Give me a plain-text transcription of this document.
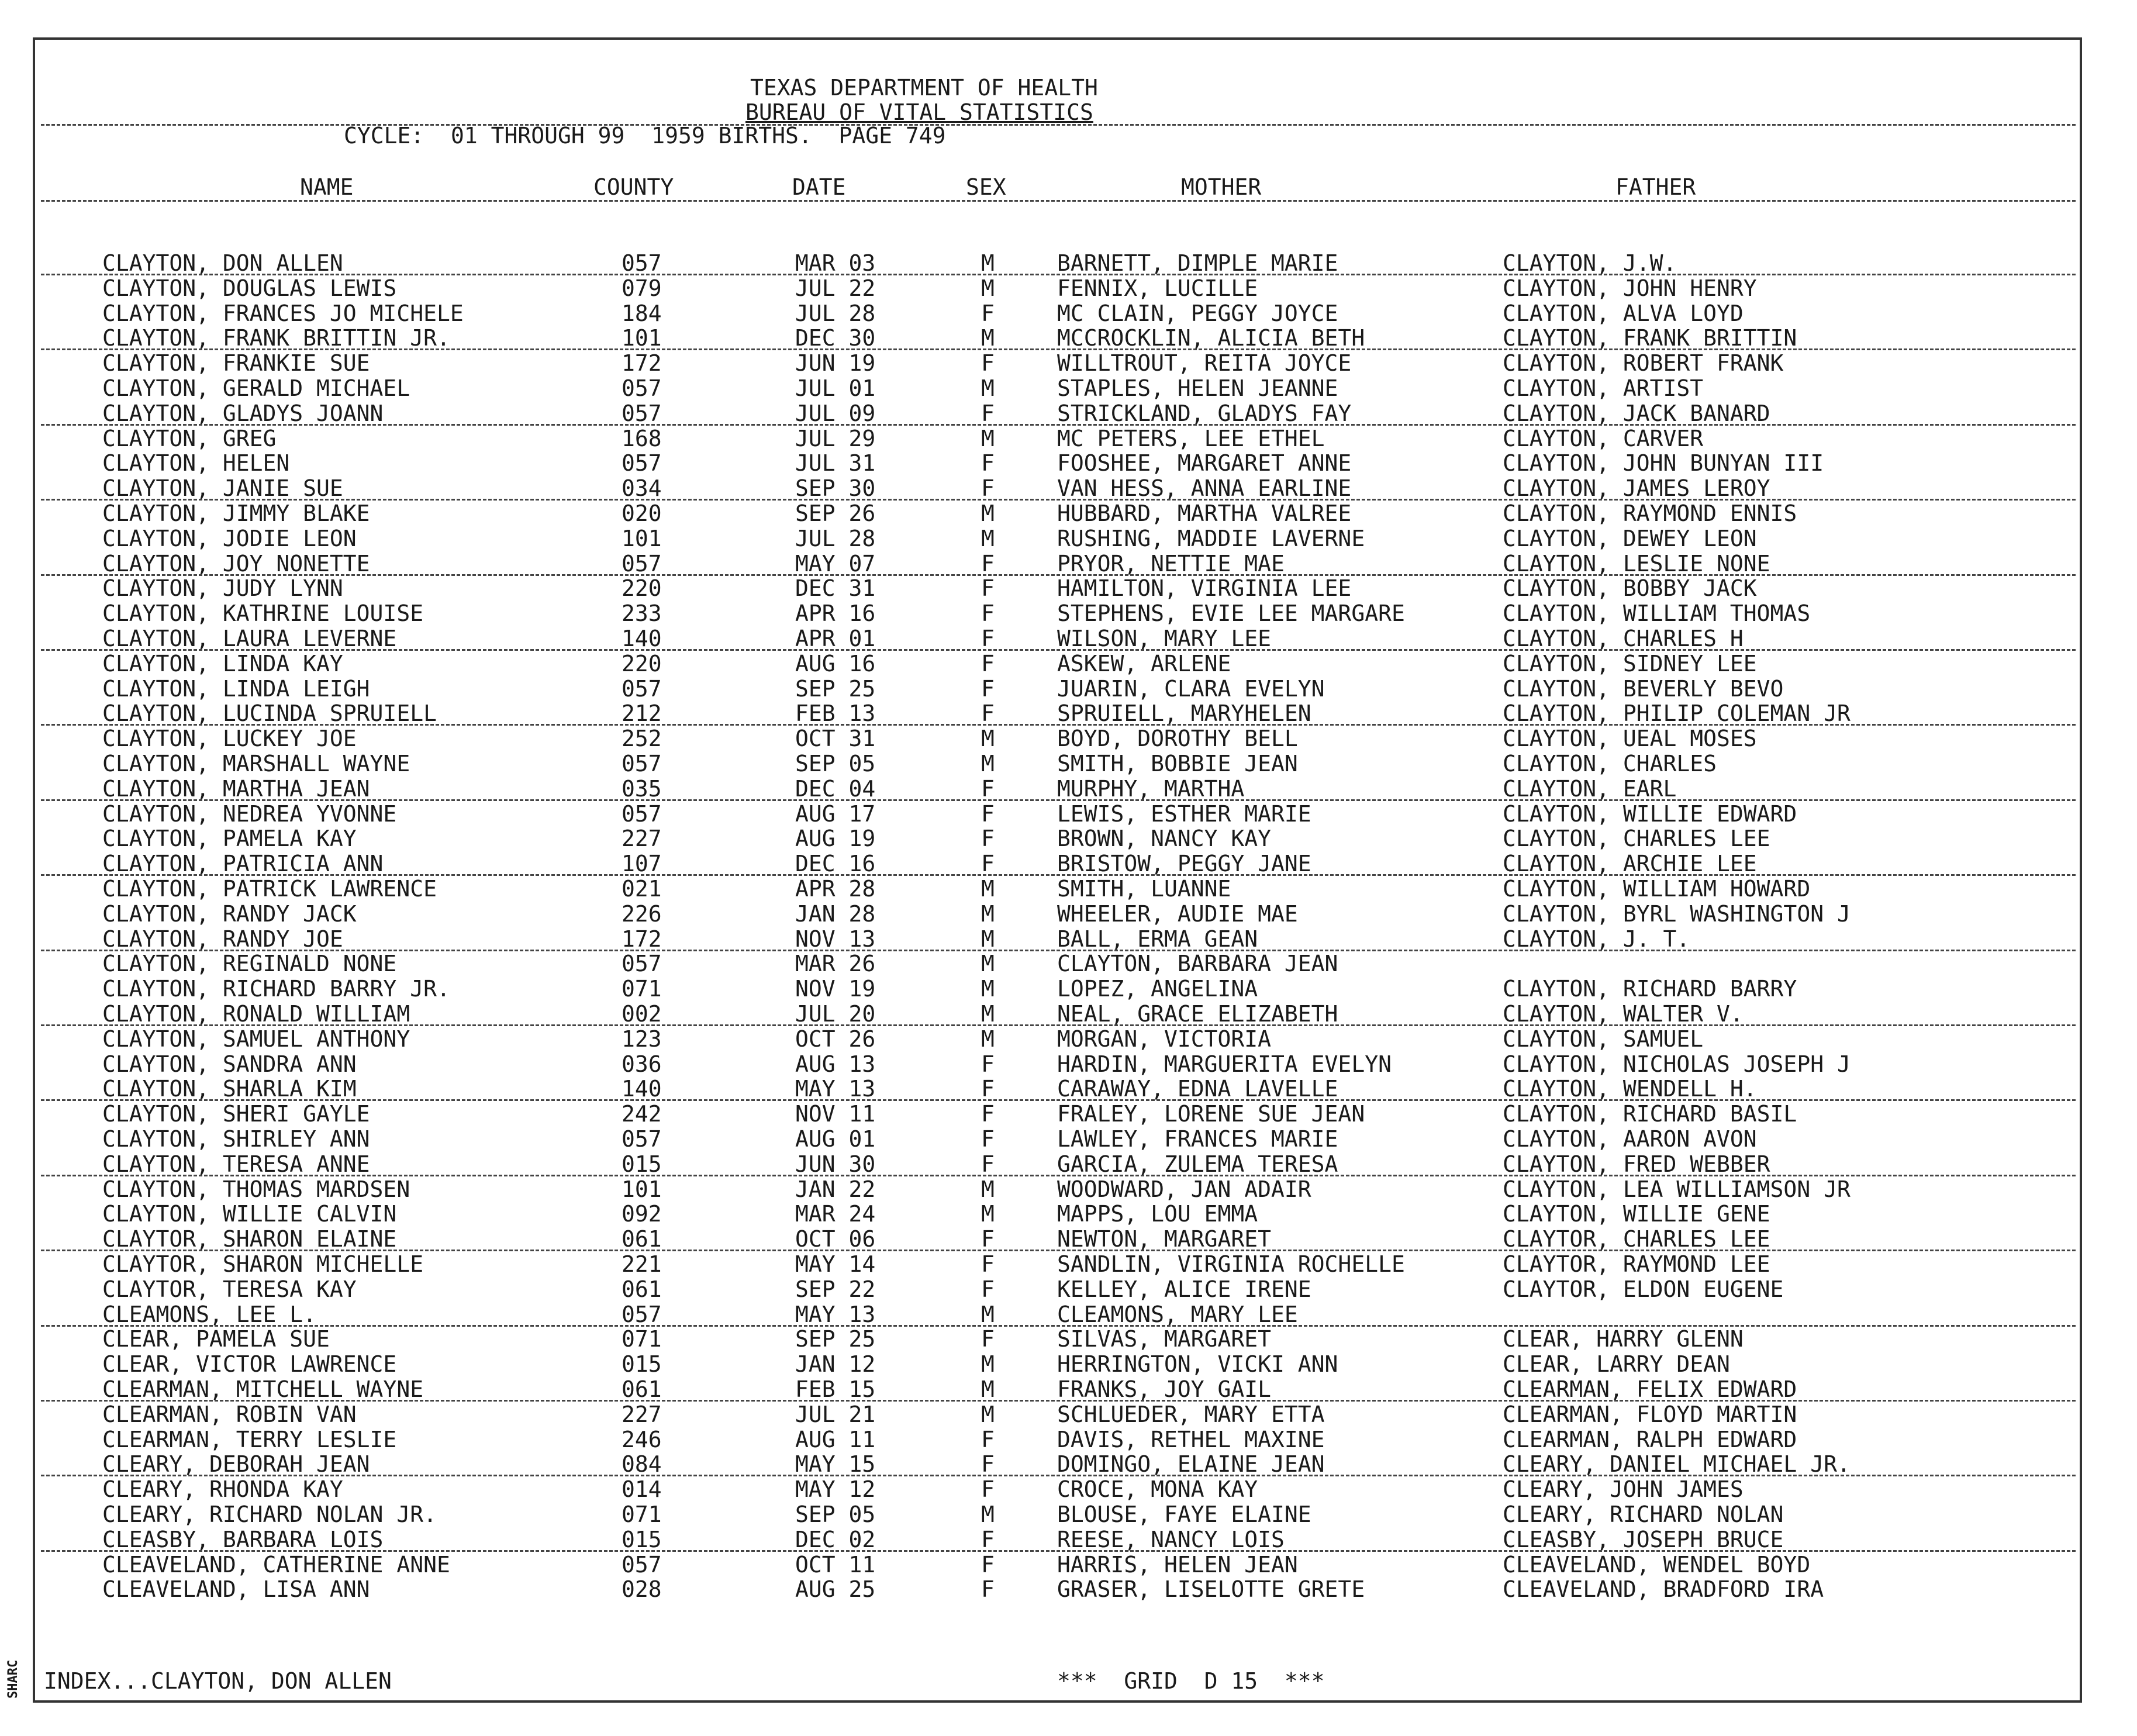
TEXAS DEPARTMENT OF HEALTH
BUREAU OF VITAL STATISTICS
CYCLE:  01 THROUGH 99  1959 BIRTHS.  PAGE 749
NAME	COUNTY	DATE	SEX	MOTHER	FATHER
CLAYTON, DON ALLEN	057	MAR 03	M	BARNETT, DIMPLE MARIE	CLAYTON, J.W.
CLAYTON, DOUGLAS LEWIS	079	JUL 22	M	FENNIX, LUCILLE	CLAYTON, JOHN HENRY
CLAYTON, FRANCES JO MICHELE	184	JUL 28	F	MC CLAIN, PEGGY JOYCE	CLAYTON, ALVA LOYD
CLAYTON, FRANK BRITTIN JR.	101	DEC 30	M	MCCROCKLIN, ALICIA BETH	CLAYTON, FRANK BRITTIN
CLAYTON, FRANKIE SUE	172	JUN 19	F	WILLTROUT, REITA JOYCE	CLAYTON, ROBERT FRANK
CLAYTON, GERALD MICHAEL	057	JUL 01	M	STAPLES, HELEN JEANNE	CLAYTON, ARTIST
CLAYTON, GLADYS JOANN	057	JUL 09	F	STRICKLAND, GLADYS FAY	CLAYTON, JACK BANARD
CLAYTON, GREG	168	JUL 29	M	MC PETERS, LEE ETHEL	CLAYTON, CARVER
CLAYTON, HELEN	057	JUL 31	F	FOOSHEE, MARGARET ANNE	CLAYTON, JOHN BUNYAN III
CLAYTON, JANIE SUE	034	SEP 30	F	VAN HESS, ANNA EARLINE	CLAYTON, JAMES LEROY
CLAYTON, JIMMY BLAKE	020	SEP 26	M	HUBBARD, MARTHA VALREE	CLAYTON, RAYMOND ENNIS
CLAYTON, JODIE LEON	101	JUL 28	M	RUSHING, MADDIE LAVERNE	CLAYTON, DEWEY LEON
CLAYTON, JOY NONETTE	057	MAY 07	F	PRYOR, NETTIE MAE	CLAYTON, LESLIE NONE
CLAYTON, JUDY LYNN	220	DEC 31	F	HAMILTON, VIRGINIA LEE	CLAYTON, BOBBY JACK
CLAYTON, KATHRINE LOUISE	233	APR 16	F	STEPHENS, EVIE LEE MARGARE	CLAYTON, WILLIAM THOMAS
CLAYTON, LAURA LEVERNE	140	APR 01	F	WILSON, MARY LEE	CLAYTON, CHARLES H
CLAYTON, LINDA KAY	220	AUG 16	F	ASKEW, ARLENE	CLAYTON, SIDNEY LEE
CLAYTON, LINDA LEIGH	057	SEP 25	F	JUARIN, CLARA EVELYN	CLAYTON, BEVERLY BEVO
CLAYTON, LUCINDA SPRUIELL	212	FEB 13	F	SPRUIELL, MARYHELEN	CLAYTON, PHILIP COLEMAN JR
CLAYTON, LUCKEY JOE	252	OCT 31	M	BOYD, DOROTHY BELL	CLAYTON, UEAL MOSES
CLAYTON, MARSHALL WAYNE	057	SEP 05	M	SMITH, BOBBIE JEAN	CLAYTON, CHARLES
CLAYTON, MARTHA JEAN	035	DEC 04	F	MURPHY, MARTHA	CLAYTON, EARL
CLAYTON, NEDREA YVONNE	057	AUG 17	F	LEWIS, ESTHER MARIE	CLAYTON, WILLIE EDWARD
CLAYTON, PAMELA KAY	227	AUG 19	F	BROWN, NANCY KAY	CLAYTON, CHARLES LEE
CLAYTON, PATRICIA ANN	107	DEC 16	F	BRISTOW, PEGGY JANE	CLAYTON, ARCHIE LEE
CLAYTON, PATRICK LAWRENCE	021	APR 28	M	SMITH, LUANNE	CLAYTON, WILLIAM HOWARD
CLAYTON, RANDY JACK	226	JAN 28	M	WHEELER, AUDIE MAE	CLAYTON, BYRL WASHINGTON J
CLAYTON, RANDY JOE	172	NOV 13	M	BALL, ERMA GEAN	CLAYTON, J. T.
CLAYTON, REGINALD NONE	057	MAR 26	M	CLAYTON, BARBARA JEAN
CLAYTON, RICHARD BARRY JR.	071	NOV 19	M	LOPEZ, ANGELINA	CLAYTON, RICHARD BARRY
CLAYTON, RONALD WILLIAM	002	JUL 20	M	NEAL, GRACE ELIZABETH	CLAYTON, WALTER V.
CLAYTON, SAMUEL ANTHONY	123	OCT 26	M	MORGAN, VICTORIA	CLAYTON, SAMUEL
CLAYTON, SANDRA ANN	036	AUG 13	F	HARDIN, MARGUERITA EVELYN	CLAYTON, NICHOLAS JOSEPH J
CLAYTON, SHARLA KIM	140	MAY 13	F	CARAWAY, EDNA LAVELLE	CLAYTON, WENDELL H.
CLAYTON, SHERI GAYLE	242	NOV 11	F	FRALEY, LORENE SUE JEAN	CLAYTON, RICHARD BASIL
CLAYTON, SHIRLEY ANN	057	AUG 01	F	LAWLEY, FRANCES MARIE	CLAYTON, AARON AVON
CLAYTON, TERESA ANNE	015	JUN 30	F	GARCIA, ZULEMA TERESA	CLAYTON, FRED WEBBER
CLAYTON, THOMAS MARDSEN	101	JAN 22	M	WOODWARD, JAN ADAIR	CLAYTON, LEA WILLIAMSON JR
CLAYTON, WILLIE CALVIN	092	MAR 24	M	MAPPS, LOU EMMA	CLAYTON, WILLIE GENE
CLAYTOR, SHARON ELAINE	061	OCT 06	F	NEWTON, MARGARET	CLAYTOR, CHARLES LEE
CLAYTOR, SHARON MICHELLE	221	MAY 14	F	SANDLIN, VIRGINIA ROCHELLE	CLAYTOR, RAYMOND LEE
CLAYTOR, TERESA KAY	061	SEP 22	F	KELLEY, ALICE IRENE	CLAYTOR, ELDON EUGENE
CLEAMONS, LEE L.	057	MAY 13	M	CLEAMONS, MARY LEE
CLEAR, PAMELA SUE	071	SEP 25	F	SILVAS, MARGARET	CLEAR, HARRY GLENN
CLEAR, VICTOR LAWRENCE	015	JAN 12	M	HERRINGTON, VICKI ANN	CLEAR, LARRY DEAN
CLEARMAN, MITCHELL WAYNE	061	FEB 15	M	FRANKS, JOY GAIL	CLEARMAN, FELIX EDWARD
CLEARMAN, ROBIN VAN	227	JUL 21	M	SCHLUEDER, MARY ETTA	CLEARMAN, FLOYD MARTIN
CLEARMAN, TERRY LESLIE	246	AUG 11	F	DAVIS, RETHEL MAXINE	CLEARMAN, RALPH EDWARD
CLEARY, DEBORAH JEAN	084	MAY 15	F	DOMINGO, ELAINE JEAN	CLEARY, DANIEL MICHAEL JR.
CLEARY, RHONDA KAY	014	MAY 12	F	CROCE, MONA KAY	CLEARY, JOHN JAMES
CLEARY, RICHARD NOLAN JR.	071	SEP 05	M	BLOUSE, FAYE ELAINE	CLEARY, RICHARD NOLAN
CLEASBY, BARBARA LOIS	015	DEC 02	F	REESE, NANCY LOIS	CLEASBY, JOSEPH BRUCE
CLEAVELAND, CATHERINE ANNE	057	OCT 11	F	HARRIS, HELEN JEAN	CLEAVELAND, WENDEL BOYD
CLEAVELAND, LISA ANN	028	AUG 25	F	GRASER, LISELOTTE GRETE	CLEAVELAND, BRADFORD IRA
INDEX...CLAYTON, DON ALLEN	***  GRID  D 15  ***
SHARC
